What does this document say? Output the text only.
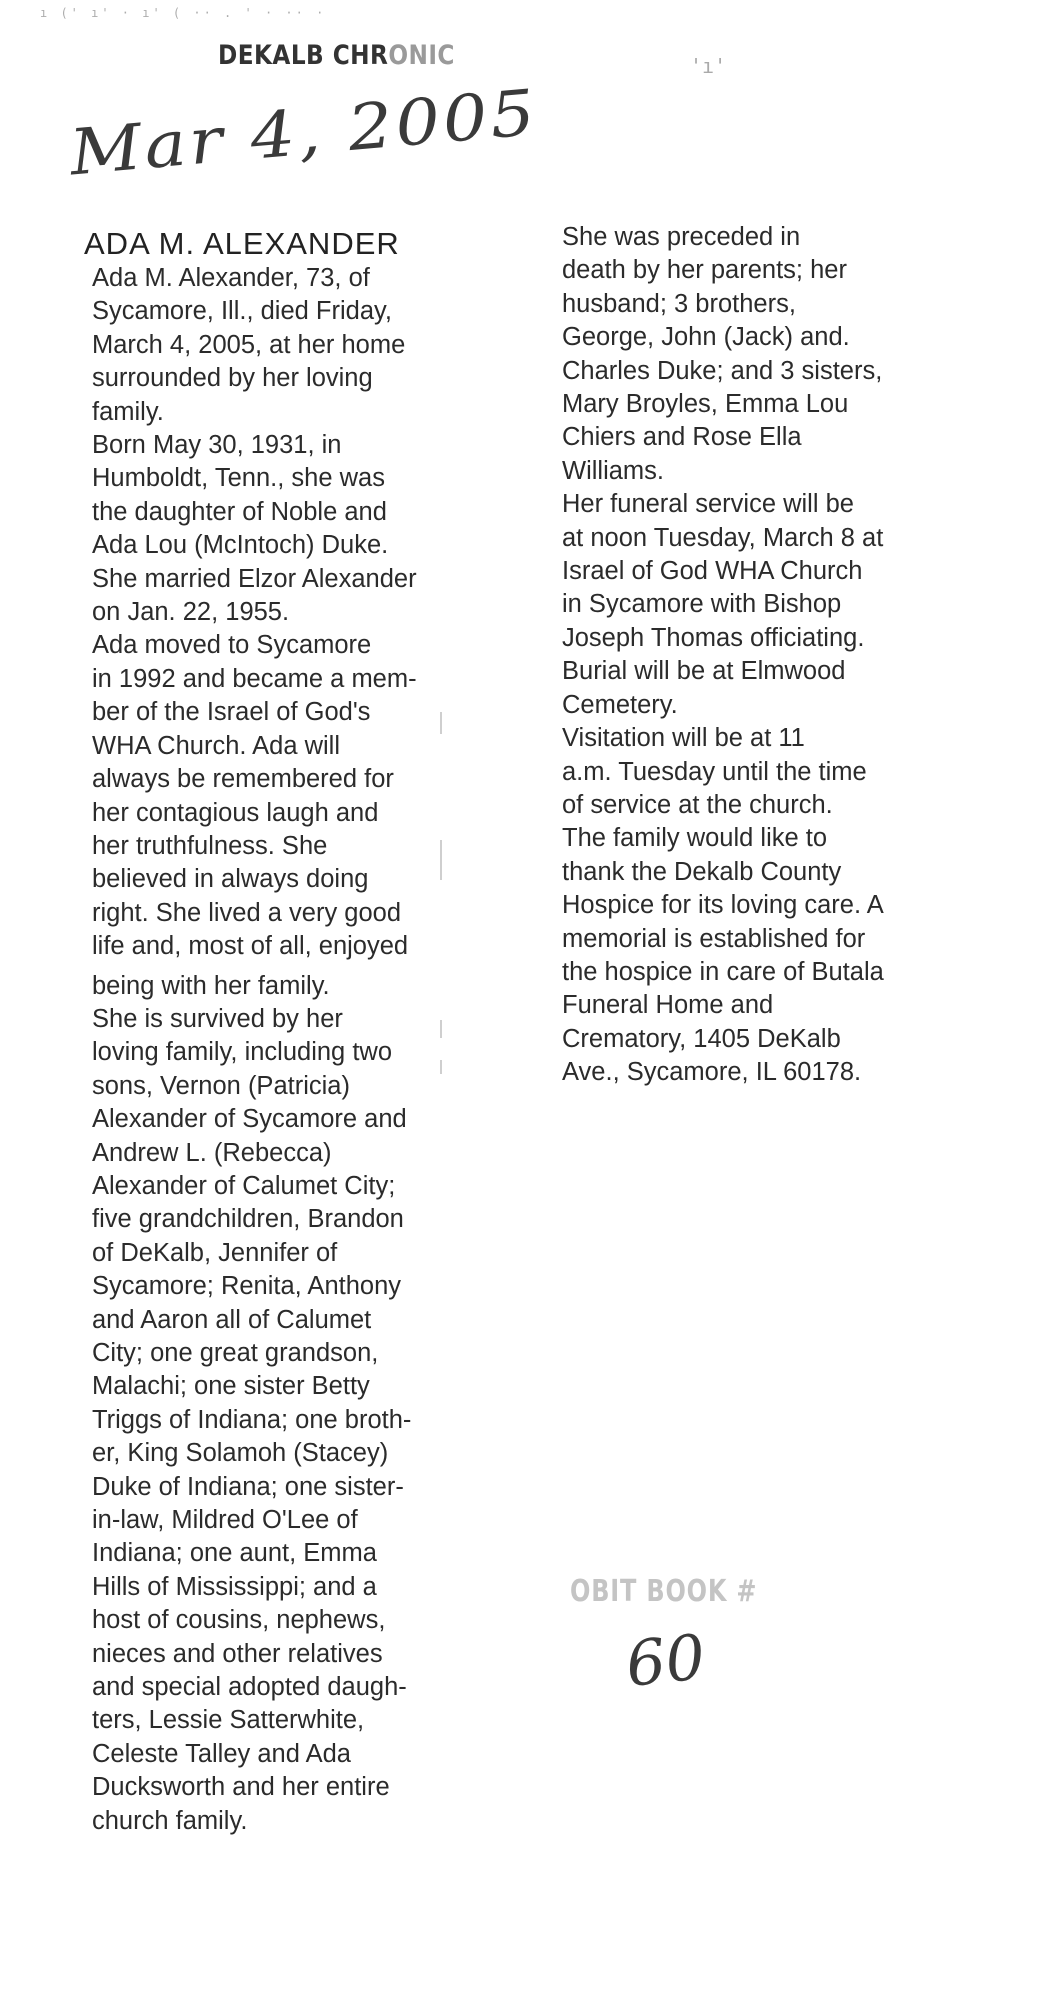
ı (' ı' · ı' ( ·· . ' · ·· ·
DEKALB CHRONIC	'ı'
Mar 4, 2005
ADA M. ALEXANDER

Ada M. Alexander, 73, of
Sycamore, Ill., died Friday,
March 4, 2005, at her home
surrounded by her loving
family.

Born May 30, 1931, in
Humboldt, Tenn., she was
the daughter of Noble and
Ada Lou (McIntoch) Duke.
She married Elzor Alexander
on Jan. 22, 1955.

Ada moved to Sycamore
in 1992 and became a mem-
ber of the Israel of God's
WHA Church. Ada will
always be remembered for
her contagious laugh and
her truthfulness. She
believed in always doing
right. She lived a very good
life and, most of all, enjoyed
being with her family.

She is survived by her
loving family, including two
sons, Vernon (Patricia)
Alexander of Sycamore and
Andrew L. (Rebecca)
Alexander of Calumet City;
five grandchildren, Brandon
of DeKalb, Jennifer of
Sycamore; Renita, Anthony
and Aaron all of Calumet
City; one great grandson,
Malachi; one sister Betty
Triggs of Indiana; one broth-
er, King Solamoh (Stacey)
Duke of Indiana; one sister-
in-law, Mildred O'Lee of
Indiana; one aunt, Emma
Hills of Mississippi; and a
host of cousins, nephews,
nieces and other relatives
and special adopted daugh-
ters, Lessie Satterwhite,
Celeste Talley and Ada
Ducksworth and her entire
church family.

She was preceded in
death by her parents; her
husband; 3 brothers,
George, John (Jack) and.
Charles Duke; and 3 sisters,
Mary Broyles, Emma Lou
Chiers and Rose Ella
Williams.

Her funeral service will be
at noon Tuesday, March 8 at
Israel of God WHA Church
in Sycamore with Bishop
Joseph Thomas officiating.
Burial will be at Elmwood
Cemetery.

Visitation will be at 11
a.m. Tuesday until the time
of service at the church.

The family would like to
thank the Dekalb County
Hospice for its loving care. A
memorial is established for
the hospice in care of Butala
Funeral Home and
Crematory, 1405 DeKalb
Ave., Sycamore, IL 60178.

OBIT BOOK #
60
